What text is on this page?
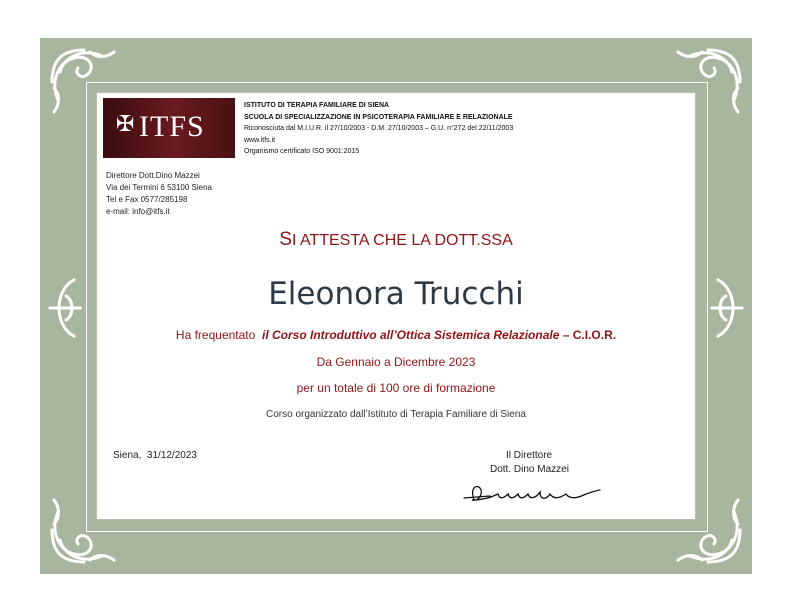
✠ ITFS
ISTITUTO DI TERAPIA FAMILIARE DI SIENA
SCUOLA DI SPECIALIZZAZIONE IN PSICOTERAPIA FAMILIARE E RELAZIONALE
Riconosciuta dal M.I.U.R. il 27/10/2003 - D.M. 27/10/2003 – G.U. n°272 del 22/11/2003
www.itfs.it
Organismo certificato ISO 9001:2015
Direttore Dott.Dino Mazzei
Via dei Termini 6 53100 Siena
Tel e Fax 0577/285198
e-mail: info@itfs.it
SI ATTESTA CHE LA DOTT.SSA
Eleonora Trucchi
Ha frequentato  il Corso Introduttivo all’Ottica Sistemica Relazionale – C.I.O.R.
Da Gennaio a Dicembre 2023
per un totale di 100 ore di formazione
Corso organizzato dall’Istituto di Terapia Familiare di Siena
Siena,  31/12/2023	Il Direttore
Dott. Dino Mazzei
